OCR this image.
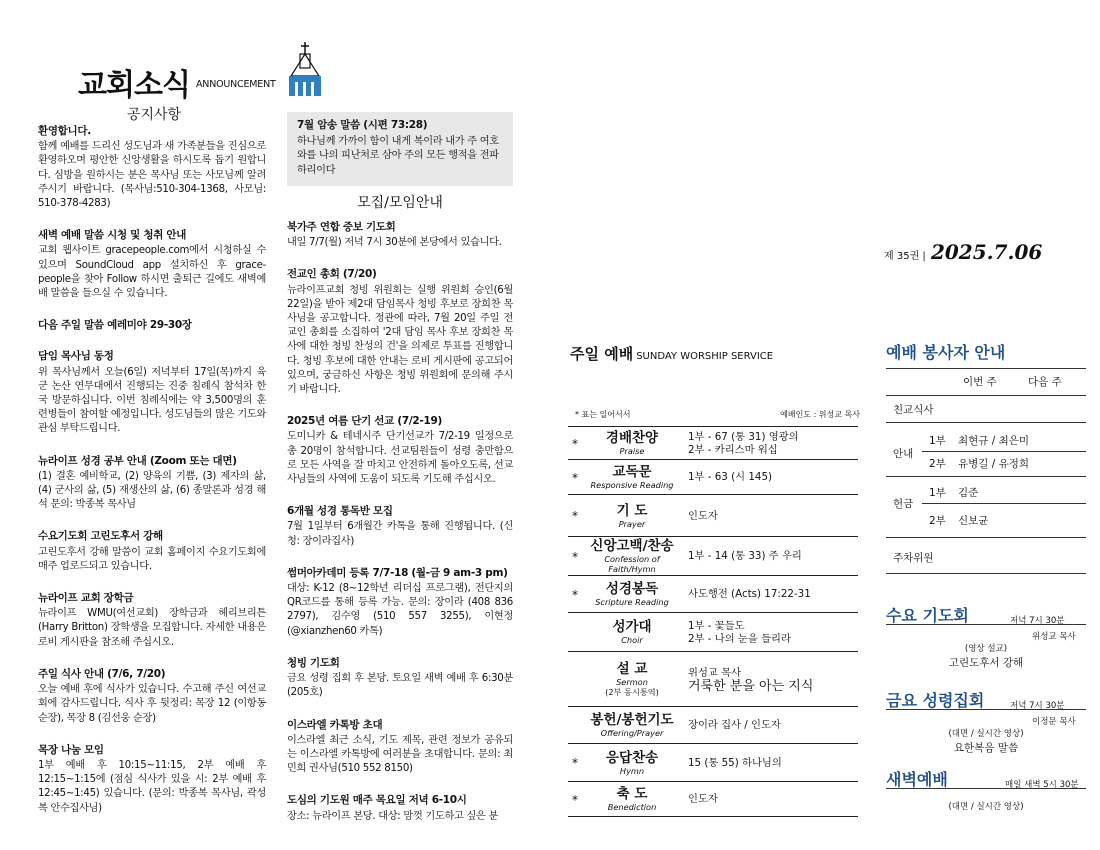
교회소식 ANNOUNCEMENT
공지사항
환영합니다.

함께 예배를 드리신 성도님과 새 가족분들을 진심으로 환영하오며 평안한 신앙생활을 하시도록 돕기 원합니다. 심방을 원하시는 분은 목사님 또는 사모님께 알려 주시기 바랍니다. (목사님:510-304-1368, 사모님: 510-378-4283)

새벽 예배 말씀 시청 및 청취 안내

교회 웹사이트 gracepeople.com에서 시청하실 수 있으며 SoundCloud app 설치하신 후 grace-people을 찾아 Follow 하시면 출퇴근 길에도 새벽예배 말씀을 들으실 수 있습니다.

다음 주일 말씀 예레미야 29-30장
담임 목사님 동정

위 목사님께서 오늘(6일) 저녁부터 17일(목)까지 육군 논산 연무대에서 진행되는 진중 침례식 참석차 한국 방문하십니다. 이번 침례식에는 약 3,500명의 훈련병들이 참여할 예정입니다. 성도님들의 많은 기도와 관심 부탁드립니다.

뉴라이프 성경 공부 안내 (Zoom 또는 대면)

(1) 결혼 예비학교, (2) 양육의 기쁨, (3) 제자의 삶, (4) 군사의 삶, (5) 재생산의 삶, (6) 종말론과 성경 해석 문의: 박종복 목사님

수요기도회 고린도후서 강해

고린도후서 강해 말씀이 교회 홈페이지 수요기도회에 매주 업로드되고 있습니다.

뉴라이프 교회 장학금

뉴라이프 WMU(여선교회) 장학금과 헤리브리튼(Harry Britton) 장학생을 모집합니다. 자세한 내용은 로비 게시판을 참조해 주십시오.

주일 식사 안내 (7/6, 7/20)

오늘 예배 후에 식사가 있습니다. 수고해 주신 여선교회에 감사드립니다. 식사 후 뒷정리: 목장 12 (이항동 순장), 목장 8 (김선웅 순장)

목장 나눔 모임

1부 예배 후 10:15~11:15, 2부 예배 후 12:15~1:15에 (점심 식사가 있을 시: 2부 예배 후 12:45~1:45) 있습니다. (문의: 박종복 목사님, 곽성복 안수집사님)

7월 암송 말씀 (시편 73:28)

하나님께 가까이 함이 내게 복이라 내가 주 여호와를 나의 피난처로 삼아 주의 모든 행적을 전파하리이다

모집/모임안내
북가주 연합 중보 기도회

내일 7/7(월) 저녁 7시 30분에 본당에서 있습니다.

전교인 총회 (7/20)

뉴라이프교회 청빙 위원회는 실행 위원회 승인(6월 22일)을 받아 제2대 담임목사 청빙 후보로 장희찬 목사님을 공고합니다. 정관에 따라, 7월 20일 주일 전교인 총회를 소집하여 '2대 담임 목사 후보 장희찬 목사에 대한 청빙 찬성의 건'을 의제로 투표를 진행합니다. 청빙 후보에 대한 안내는 로비 게시판에 공고되어 있으며, 궁금하신 사항은 청빙 위원회에 문의해 주시기 바랍니다.

2025년 여름 단기 선교 (7/2-19)

도미니카 & 테네시주 단기선교가 7/2-19 일정으로 총 20명이 참석합니다. 선교팀원들이 성령 충만함으로 모든 사역을 잘 마치고 안전하게 돌아오도록, 선교사님들의 사역에 도움이 되도록 기도해 주십시오.

6개월 성경 통독반 모집

7월 1일부터 6개월간 카톡을 통해 진행됩니다. (신청: 장이라집사)

썸머아카데미 등록 7/7-18 (월-금 9 am-3 pm)

대상: K-12 (8~12학년 리더십 프로그램), 전단지의 QR코드를 통해 등록 가능. 문의: 장이라 (408 836 2797), 김수영 (510 557 3255), 이현정(@xianzhen60 카톡)

청빙 기도회

금요 성령 집회 후 본당. 토요일 새벽 예배 후 6:30분 (205호)

이스라엘 카톡방 초대

이스라엘 최근 소식, 기도 제목, 관련 정보가 공유되는 이스라엘 카톡방에 여러분을 초대합니다. 문의: 최민희 권사님(510 552 8150)

도심의 기도원 매주 목요일 저녁 6-10시

장소: 뉴라이프 본당. 대상: 맘껏 기도하고 싶은 분

제 35권 | 2025.7.06
주일 예배 SUNDAY WORSHIP SERVICE
* 표는 일어서서	예배인도 : 위성교 목사
*	경배찬양
Praise
1부 - 67 (통 31) 영광의
2부 - 카리스마 워십
*	교독문
Responsive Reading
1부 - 63 (시 145)
*	기 도
Prayer
인도자
*
신앙고백/찬송
Confession of Faith/Hymn
1부 - 14 (통 33) 주 우리
*	성경봉독
Scripture Reading
사도행전 (Acts) 17:22-31
성가대
Choir
1부 - 꽃들도
2부 - 나의 눈을 들리라
설 교
Sermon
(2부 동시통역)
위성교 목사
거룩한 분을 아는 지식
봉헌/봉헌기도
Offering/Prayer
장이라 집사 / 인도자
*	응답찬송
Hymn
15 (통 55) 하나님의
*	축 도
Benediction
인도자
예배 봉사자 안내
이번 주	다음 주
친교식사
안내
1부 최현규 / 최은미
2부 유병길 / 유정희
헌금
1부 김준
2부 신보균
주차위원
수요 기도회	저녁 7시 30분
위성교 목사
(영상 설교)
고린도후서 강해
금요 성령집회	저녁 7시 30분
이정문 목사
(대면 / 실시간 영상)
요한복음 말씀
새벽예배	매일 새벽 5시 30분
(대면 / 실시간 영상)
